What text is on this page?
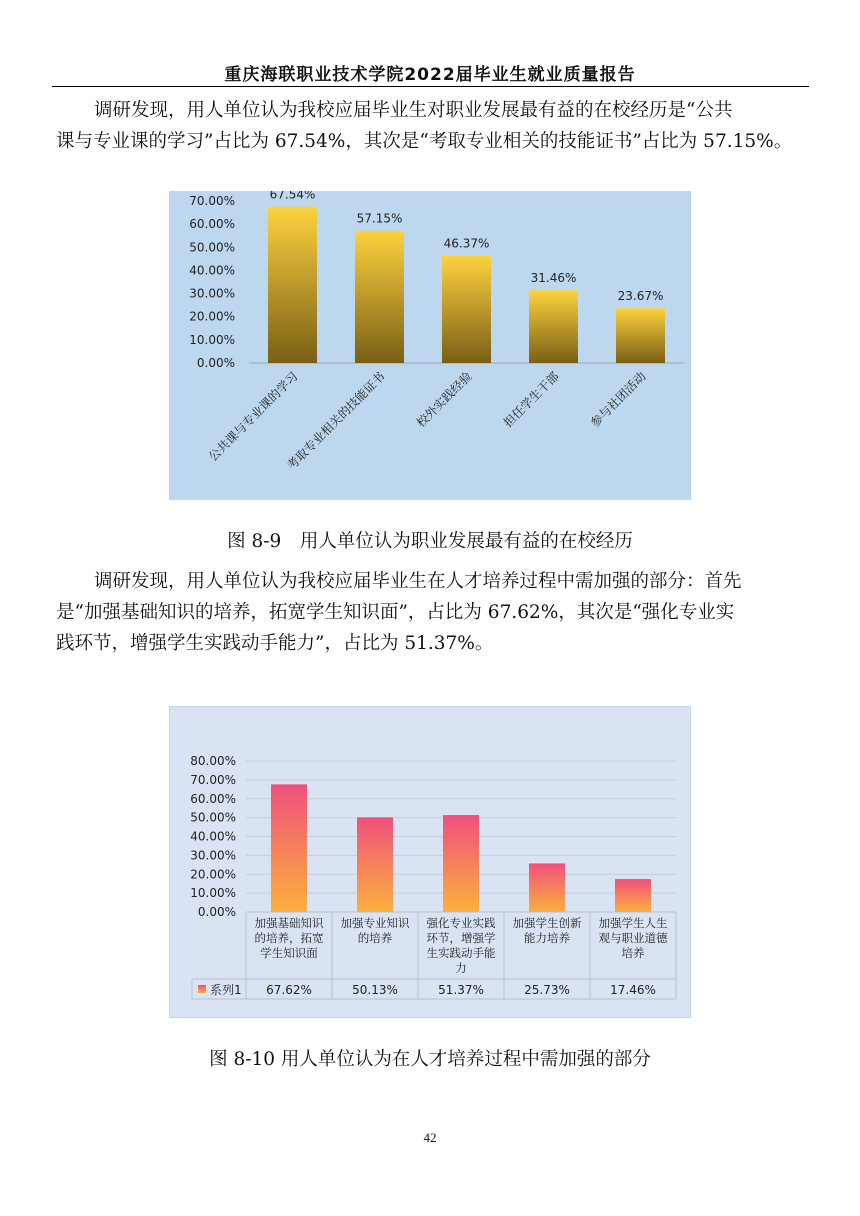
重庆海联职业技术学院2022届毕业生就业质量报告

调研发现，用人单位认为我校应届毕业生对职业发展最有益的在校经历是“公共
课与专业课的学习”占比为 67.54%，其次是“考取专业相关的技能证书”占比为 57.15%。

0.00%
10.00%
20.00%
30.00%
40.00%
50.00%
60.00%
70.00%	67.54%
公共课与专业课的学习
57.15%
考取专业相关的技能证书
46.37%
校外实践经验
31.46%
担任学生干部
23.67%
参与社团活动
图 8-9　用人单位认为职业发展最有益的在校经历

调研发现，用人单位认为我校应届毕业生在人才培养过程中需加强的部分：首先
是“加强基础知识的培养，拓宽学生知识面”，占比为 67.62%，其次是“强化专业实
践环节，增强学生实践动手能力”，占比为 51.37%。

0.00%
10.00%
20.00%
30.00%
40.00%
50.00%
60.00%
70.00%
80.00%
系列1
加强基础知识的培养，拓宽学生知识面
67.62%
加强专业知识的培养
50.13%
强化专业实践环节，增强学生实践动手能力
51.37%
加强学生创新能力培养
25.73%
加强学生人生观与职业道德培养
17.46%
图 8-10 用人单位认为在人才培养过程中需加强的部分
42
